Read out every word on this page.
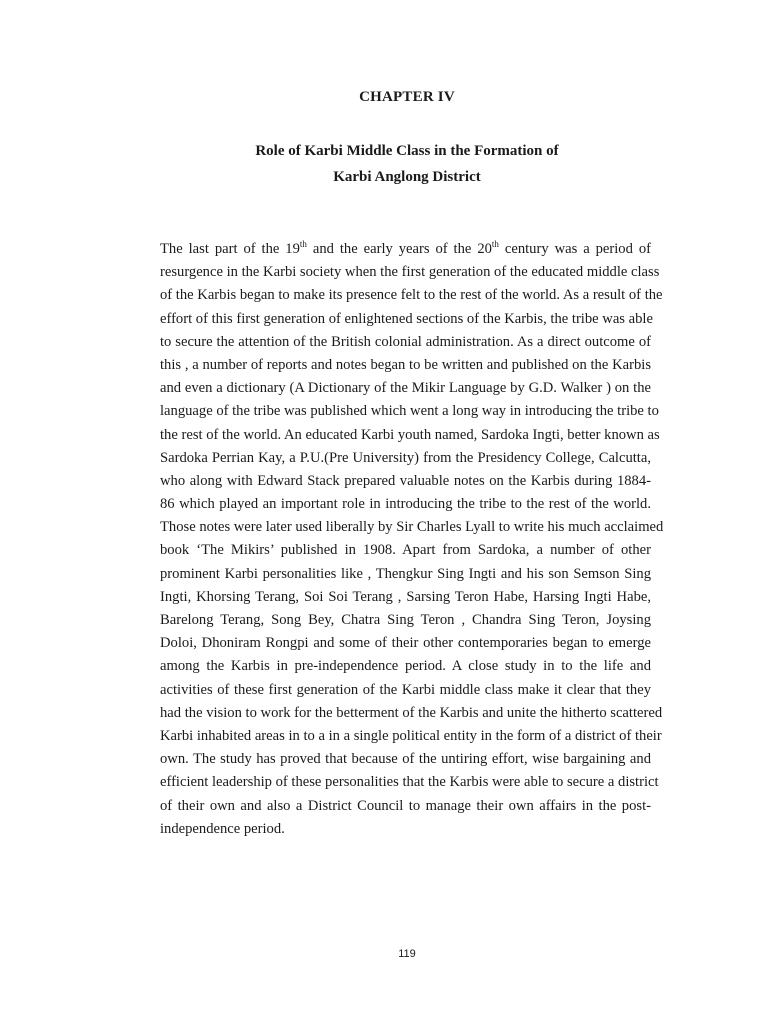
CHAPTER IV
Role of Karbi Middle Class in the Formation of
Karbi Anglong District
The last part of the 19th and the early years of the 20th century was a period of
resurgence in the Karbi society when the first generation of the educated middle class
of the Karbis began to make its presence felt to the rest of the world. As a result of the
effort of this first generation of enlightened sections of the Karbis, the tribe was able
to secure the attention of the British colonial administration. As a direct outcome of
this , a number of reports and notes began to be written and published on the Karbis
and even a dictionary (A Dictionary of the Mikir Language by G.D. Walker ) on the
language of the tribe was published which went a long way in introducing the tribe to
the rest of the world. An educated Karbi youth named, Sardoka Ingti, better known as
Sardoka Perrian Kay, a P.U.(Pre University) from the Presidency College, Calcutta,
who along with Edward Stack prepared valuable notes on the Karbis during 1884-
86 which played an important role in introducing the tribe to the rest of the world.
Those notes were later used liberally by Sir Charles Lyall to write his much acclaimed
book ‘The Mikirs’ published in 1908. Apart from Sardoka, a number of other
prominent Karbi personalities like , Thengkur Sing Ingti and his son Semson Sing
Ingti, Khorsing Terang, Soi Soi Terang , Sarsing Teron Habe, Harsing Ingti Habe,
Barelong Terang, Song Bey, Chatra Sing Teron , Chandra Sing Teron, Joysing
Doloi, Dhoniram Rongpi and some of their other contemporaries began to emerge
among the Karbis in pre-independence period. A close study in to the life and
activities of these first generation of the Karbi middle class make it clear that they
had the vision to work for the betterment of the Karbis and unite the hitherto scattered
Karbi inhabited areas in to a in a single political entity in the form of a district of their
own. The study has proved that because of the untiring effort, wise bargaining and
efficient leadership of these personalities that the Karbis were able to secure a district
of their own and also a District Council to manage their own affairs in the post-
independence period.
119
